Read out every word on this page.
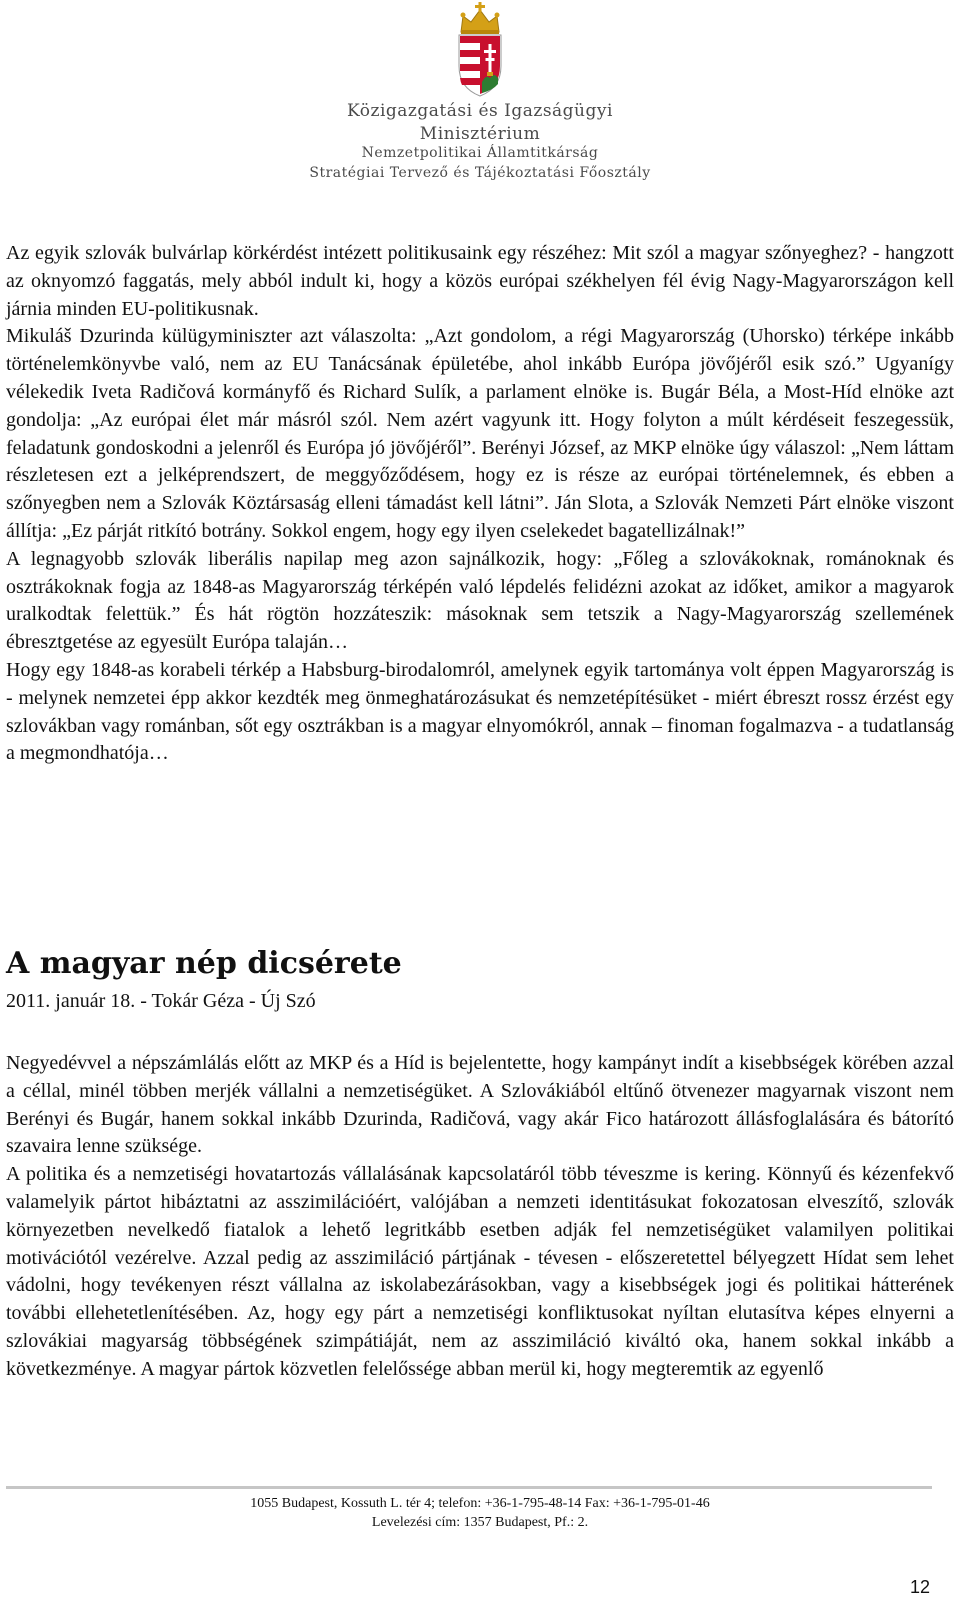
Közigazgatási és Igazságügyi
Minisztérium
Nemzetpolitikai Államtitkárság
Stratégiai Tervező és Tájékoztatási Főosztály

Az egyik szlovák bulvárlap körkérdést intézett politikusaink egy részéhez: Mit szól a magyar szőnyeghez? - hangzott az oknyomzó faggatás, mely abból indult ki, hogy a közös európai székhelyen fél évig Nagy-Magyarországon kell járnia minden EU-politikusnak.

Mikuláš Dzurinda külügyminiszter azt válaszolta: „Azt gondolom, a régi Magyarország (Uhorsko) térképe inkább történelemkönyvbe való, nem az EU Tanácsának épületébe, ahol inkább Európa jövőjéről esik szó.” Ugyanígy vélekedik Iveta Radičová kormányfő és Richard Sulík, a parlament elnöke is. Bugár Béla, a Most-Híd elnöke azt gondolja: „Az európai élet már másról szól. Nem azért vagyunk itt. Hogy folyton a múlt kérdéseit feszegessük, feladatunk gondoskodni a jelenről és Európa jó jövőjéről”. Berényi József, az MKP elnöke úgy válaszol: „Nem láttam részletesen ezt a jelképrendszert, de meggyőződésem, hogy ez is része az európai történelemnek, és ebben a szőnyegben nem a Szlovák Köztársaság elleni támadást kell látni”. Ján Slota, a Szlovák Nemzeti Párt elnöke viszont állítja: „Ez párját ritkító botrány. Sokkol engem, hogy egy ilyen cselekedet bagatellizálnak!”

A legnagyobb szlovák liberális napilap meg azon sajnálkozik, hogy: „Főleg a szlovákoknak, románoknak és osztrákoknak fogja az 1848-as Magyarország térképén való lépdelés felidézni azokat az időket, amikor a magyarok uralkodtak felettük.” És hát rögtön hozzáteszik: másoknak sem tetszik a Nagy-Magyarország szellemének ébresztgetése az egyesült Európa talaján…

Hogy egy 1848-as korabeli térkép a Habsburg-birodalomról, amelynek egyik tartománya volt éppen Magyarország is - melynek nemzetei épp akkor kezdték meg önmeghatározásukat és nemzetépítésüket - miért ébreszt rossz érzést egy szlovákban vagy románban, sőt egy osztrákban is a magyar elnyomókról, annak – finoman fogalmazva - a tudatlanság a megmondhatója…

A magyar nép dicsérete
2011. január 18. - Tokár Géza - Új Szó

Negyedévvel a népszámlálás előtt az MKP és a Híd is bejelentette, hogy kampányt indít a kisebbségek körében azzal a céllal, minél többen merjék vállalni a nemzetiségüket. A Szlovákiából eltűnő ötvenezer magyarnak viszont nem Berényi és Bugár, hanem sokkal inkább Dzurinda, Radičová, vagy akár Fico határozott állásfoglalására és bátorító szavaira lenne szüksége.

A politika és a nemzetiségi hovatartozás vállalásának kapcsolatáról több téveszme is kering. Könnyű és kézenfekvő valamelyik pártot hibáztatni az asszimilációért, valójában a nemzeti identitásukat fokozatosan elveszítő, szlovák környezetben nevelkedő fiatalok a lehető legritkább esetben adják fel nemzetiségüket valamilyen politikai motivációtól vezérelve. Azzal pedig az asszimiláció pártjának - tévesen - előszeretettel bélyegzett Hídat sem lehet vádolni, hogy tevékenyen részt vállalna az iskolabezárásokban, vagy a kisebbségek jogi és politikai hátterének további ellehetetlenítésében. Az, hogy egy párt a nemzetiségi konfliktusokat nyíltan elutasítva képes elnyerni a szlovákiai magyarság többségének szimpátiáját, nem az asszimiláció kiváltó oka, hanem sokkal inkább a következménye. A magyar pártok közvetlen felelőssége abban merül ki, hogy megteremtik az egyenlő

1055 Budapest, Kossuth L. tér 4; telefon: +36-1-795-48-14 Fax: +36-1-795-01-46
Levelezési cím: 1357 Budapest, Pf.: 2.
12
